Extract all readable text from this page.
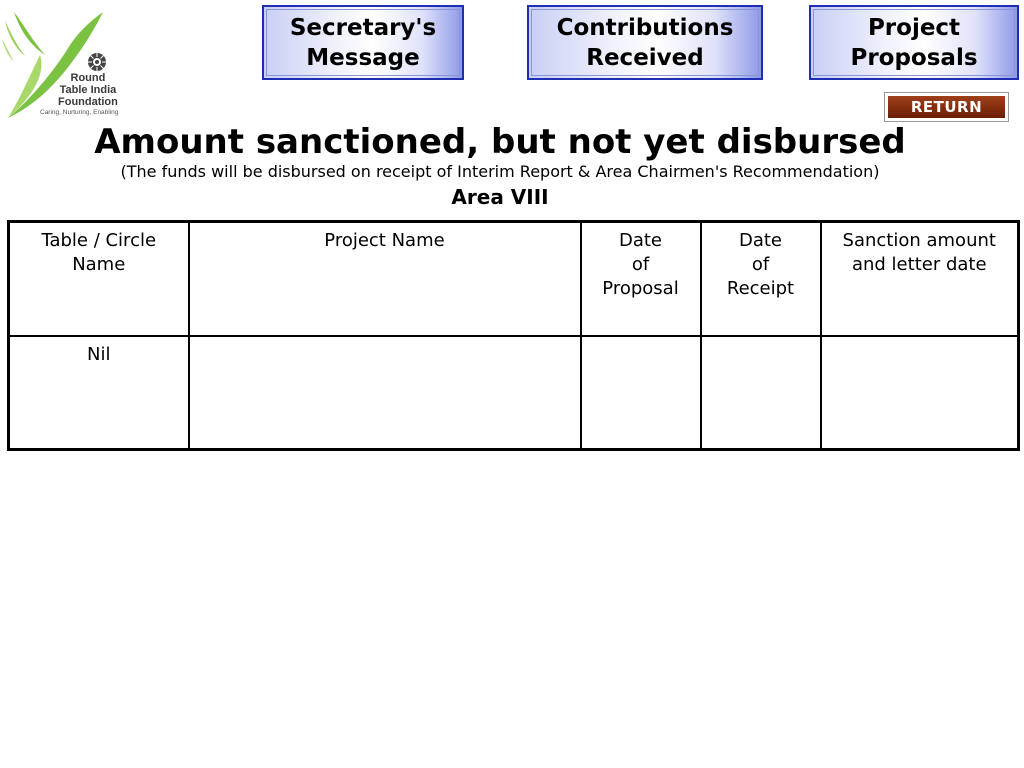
Round
Table India
Foundation
Caring, Nurturing, Enabling
Secretary's
Message
Contributions
Received
Project
Proposals
RETURN
Amount sanctioned, but not yet disbursed
(The funds will be disbursed on receipt of Interim Report & Area Chairmen's Recommendation)
Area VIII
Table / Circle Name	Project Name	Date
of
Proposal	Date
of
Receipt	Sanction amount and letter date
Nil				
